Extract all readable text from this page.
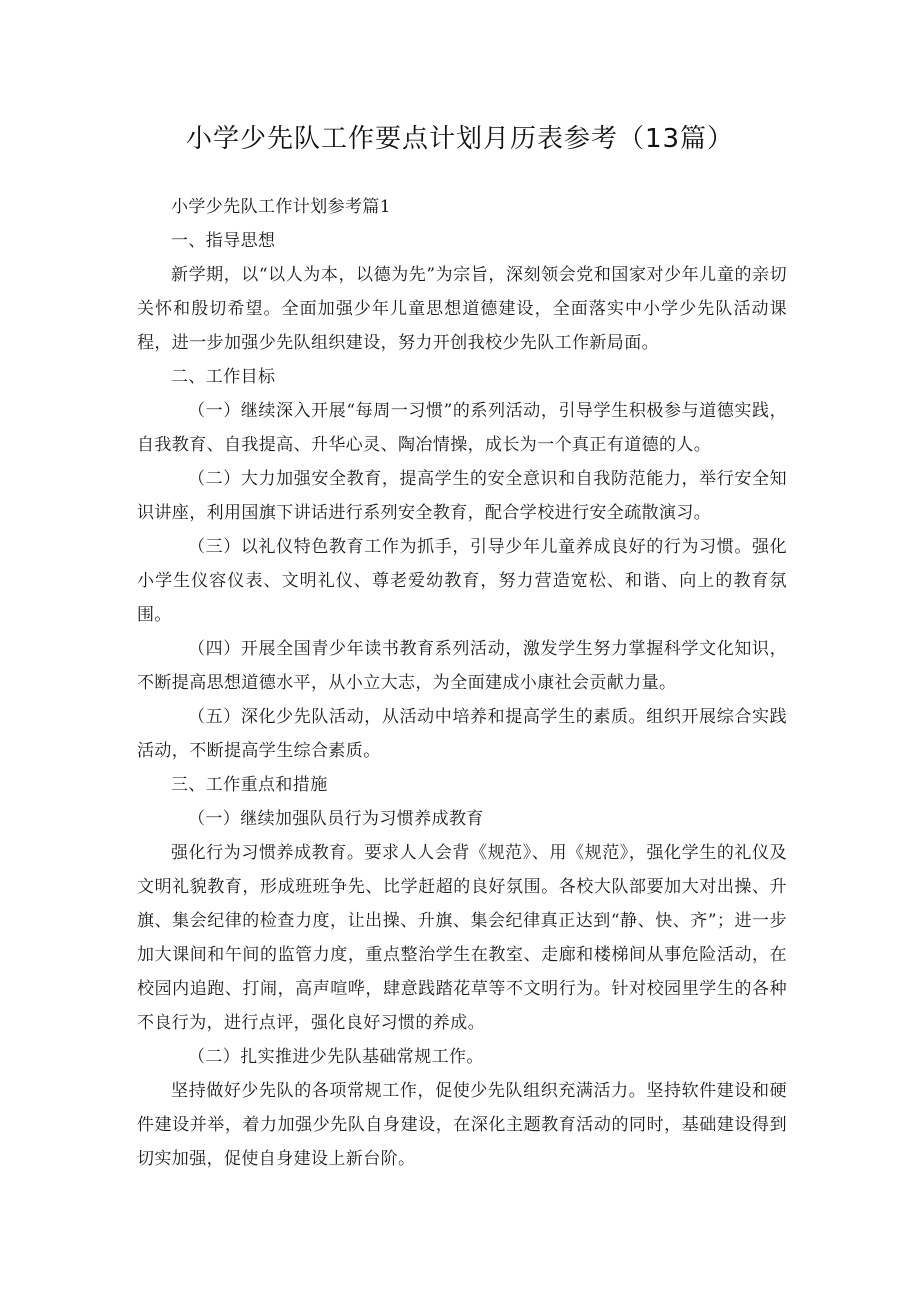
小学少先队工作要点计划月历表参考（13篇）

小学少先队工作计划参考篇1

一、指导思想

新学期，以“以人为本，以德为先”为宗旨，深刻领会党和国家对少年儿童的亲切关怀和殷切希望。全面加强少年儿童思想道德建设，全面落实中小学少先队活动课程，进一步加强少先队组织建设，努力开创我校少先队工作新局面。

二、工作目标

（一）继续深入开展“每周一习惯”的系列活动，引导学生积极参与道德实践，自我教育、自我提高、升华心灵、陶冶情操，成长为一个真正有道德的人。

（二）大力加强安全教育，提高学生的安全意识和自我防范能力，举行安全知识讲座，利用国旗下讲话进行系列安全教育，配合学校进行安全疏散演习。

（三）以礼仪特色教育工作为抓手，引导少年儿童养成良好的行为习惯。强化小学生仪容仪表、文明礼仪、尊老爱幼教育，努力营造宽松、和谐、向上的教育氛围。

（四）开展全国青少年读书教育系列活动，激发学生努力掌握科学文化知识，不断提高思想道德水平，从小立大志，为全面建成小康社会贡献力量。

（五）深化少先队活动，从活动中培养和提高学生的素质。组织开展综合实践活动，不断提高学生综合素质。

三、工作重点和措施

（一）继续加强队员行为习惯养成教育

强化行为习惯养成教育。要求人人会背《规范》、用《规范》，强化学生的礼仪及文明礼貌教育，形成班班争先、比学赶超的良好氛围。各校大队部要加大对出操、升旗、集会纪律的检查力度，让出操、升旗、集会纪律真正达到“静、快、齐”；进一步加大课间和午间的监管力度，重点整治学生在教室、走廊和楼梯间从事危险活动，在校园内追跑、打闹，高声喧哗，肆意践踏花草等不文明行为。针对校园里学生的各种不良行为，进行点评，强化良好习惯的养成。

（二）扎实推进少先队基础常规工作。

坚持做好少先队的各项常规工作，促使少先队组织充满活力。坚持软件建设和硬件建设并举，着力加强少先队自身建设，在深化主题教育活动的同时，基础建设得到切实加强，促使自身建设上新台阶。
